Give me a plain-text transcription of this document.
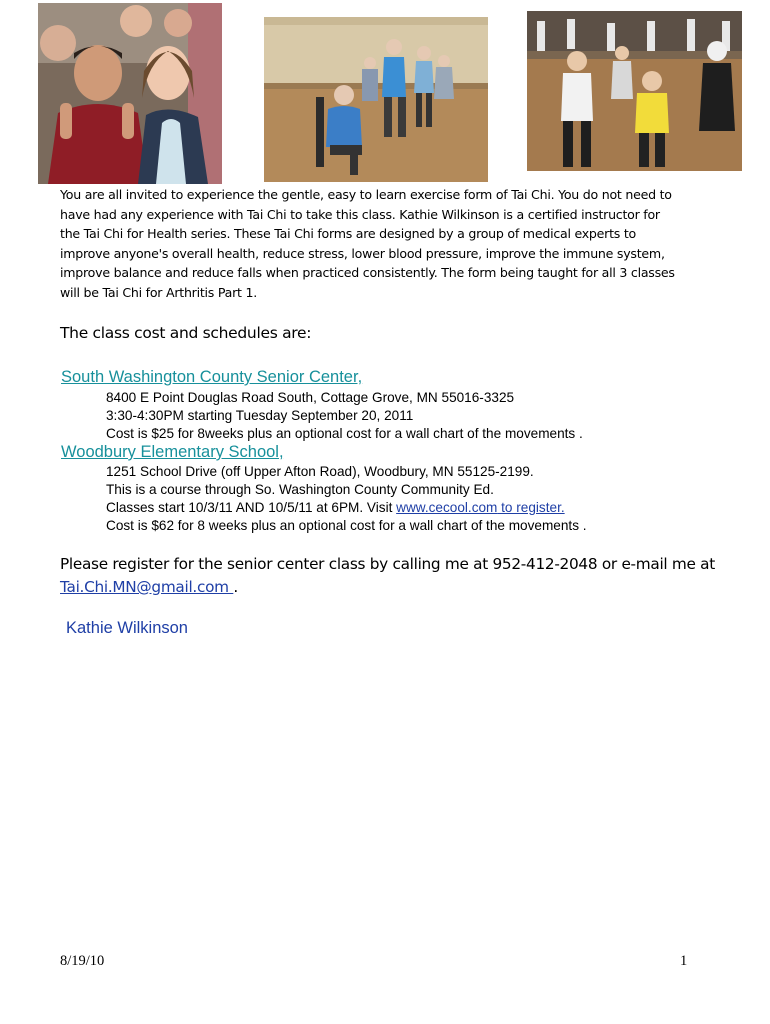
You are all invited to experience the gentle, easy to learn exercise form of Tai Chi. You do not need to
have had any experience with Tai Chi to take this class. Kathie Wilkinson is a certified instructor for
the Tai Chi for Health series. These Tai Chi forms are designed by a group of medical experts to
improve anyone's overall health, reduce stress, lower blood pressure, improve the immune system,
improve balance and reduce falls when practiced consistently. The form being taught for all 3 classes
will be Tai Chi for Arthritis Part 1.
The class cost and schedules are:
South Washington County Senior Center,
8400 E Point Douglas Road South, Cottage Grove, MN 55016-3325
3:30-4:30PM starting Tuesday September 20, 2011
Cost is $25 for 8weeks plus an optional cost for a wall chart of the movements .
Woodbury Elementary School,
1251 School Drive (off Upper Afton Road), Woodbury, MN 55125-2199.
This is a course through So. Washington County Community Ed.
Classes start 10/3/11 AND 10/5/11 at 6PM. Visit www.cecool.com to register.
Cost is $62 for 8 weeks plus an optional cost for a wall chart of the movements .
Please register for the senior center class by calling me at 952-412-2048 or e-mail me at
Tai.Chi.MN@gmail.com .
Kathie Wilkinson
8/19/10	1
